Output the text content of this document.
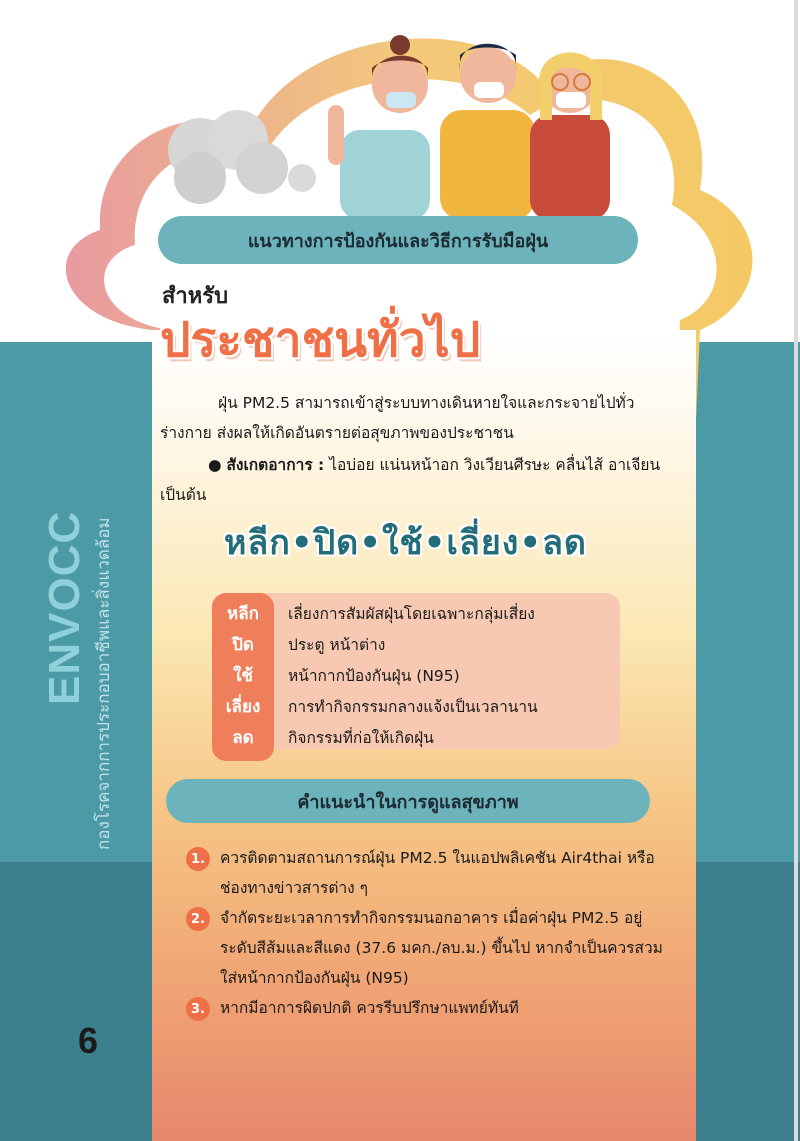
ENVOCC กองโรคจากการประกอบอาชีพและสิ่งแวดล้อม
6
แนวทางการป้องกันและวิธีการรับมือฝุ่น
สำหรับ
ประชาชนทั่วไป
ฝุ่น PM2.5 สามารถเข้าสู่ระบบทางเดินหายใจและกระจายไปทั่วร่างกาย ส่งผลให้เกิดอันตรายต่อสุขภาพของประชาชน
● สังเกตอาการ : ไอบ่อย แน่นหน้าอก วิงเวียนศีรษะ คลื่นไส้ อาเจียนเป็นต้น
หลีก•ปิด•ใช้•เลี่ยง•ลด
หลีก	เลี่ยงการสัมผัสฝุ่นโดยเฉพาะกลุ่มเสี่ยง
ปิด	ประตู หน้าต่าง
ใช้	หน้ากากป้องกันฝุ่น (N95)
เลี่ยง	การทำกิจกรรมกลางแจ้งเป็นเวลานาน
ลด	กิจกรรมที่ก่อให้เกิดฝุ่น
คำแนะนำในการดูแลสุขภาพ
1. ควรติดตามสถานการณ์ฝุ่น PM2.5 ในแอปพลิเคชัน Air4thai หรือช่องทางข่าวสารต่าง ๆ
2. จำกัดระยะเวลาการทำกิจกรรมนอกอาคาร เมื่อค่าฝุ่น PM2.5 อยู่ระดับสีส้มและสีแดง (37.6 มคก./ลบ.ม.) ขึ้นไป หากจำเป็นควรสวมใส่หน้ากากป้องกันฝุ่น (N95)
3. หากมีอาการผิดปกติ ควรรีบปรึกษาแพทย์ทันที
